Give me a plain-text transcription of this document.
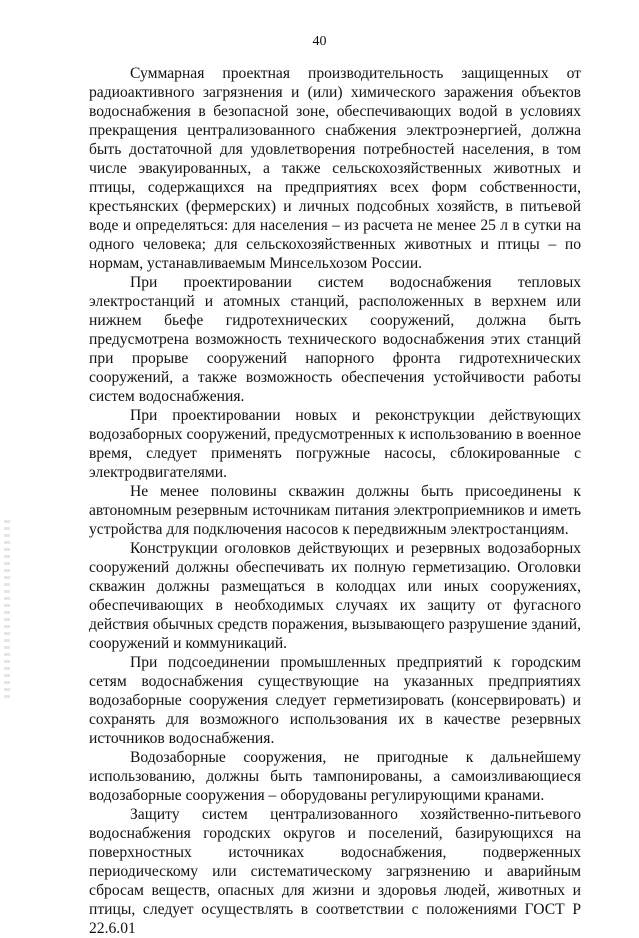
40

Суммарная проектная производительность защищенных от радиоактивного загрязнения и (или) химического заражения объектов водоснабжения в безопасной зоне, обеспечивающих водой в условиях прекращения централизованного снабжения электроэнергией, должна быть достаточной для удовлетворения потребностей населения, в том числе эвакуированных, а также сельскохозяйственных животных и птицы, содержащихся на предприятиях всех форм собственности, крестьянских (фермерских) и личных подсобных хозяйств, в питьевой воде и определяться: для населения – из расчета не менее 25 л в сутки на одного человека; для сельскохозяйственных животных и птицы – по нормам, устанавливаемым Минсельхозом России.

При проектировании систем водоснабжения тепловых электростанций и атомных станций, расположенных в верхнем или нижнем бьефе гидротехнических сооружений, должна быть предусмотрена возможность технического водоснабжения этих станций при прорыве сооружений напорного фронта гидротехнических сооружений, а также возможность обеспечения устойчивости работы систем водоснабжения.

При проектировании новых и реконструкции действующих водозаборных сооружений, предусмотренных к использованию в военное время, следует применять погружные насосы, сблокированные с электродвигателями.

Не менее половины скважин должны быть присоединены к автономным резервным источникам питания электроприемников и иметь устройства для подключения насосов к передвижным электростанциям.

Конструкции оголовков действующих и резервных водозаборных сооружений должны обеспечивать их полную герметизацию. Оголовки скважин должны размещаться в колодцах или иных сооружениях, обеспечивающих в необходимых случаях их защиту от фугасного действия обычных средств поражения, вызывающего разрушение зданий, сооружений и коммуникаций.

При подсоединении промышленных предприятий к городским сетям водоснабжения существующие на указанных предприятиях водозаборные сооружения следует герметизировать (консервировать) и сохранять для возможного использования их в качестве резервных источников водоснабжения.

Водозаборные сооружения, не пригодные к дальнейшему использованию, должны быть тампонированы, а самоизливающиеся водозаборные сооружения – оборудованы регулирующими кранами.

Защиту систем централизованного хозяйственно-питьевого водоснабжения городских округов и поселений, базирующихся на поверхностных источниках водоснабжения, подверженных периодическому или систематическому загрязнению и аварийным сбросам веществ, опасных для жизни и здоровья людей, животных и птицы, следует осуществлять в соответствии с положениями ГОСТ Р 22.6.01
